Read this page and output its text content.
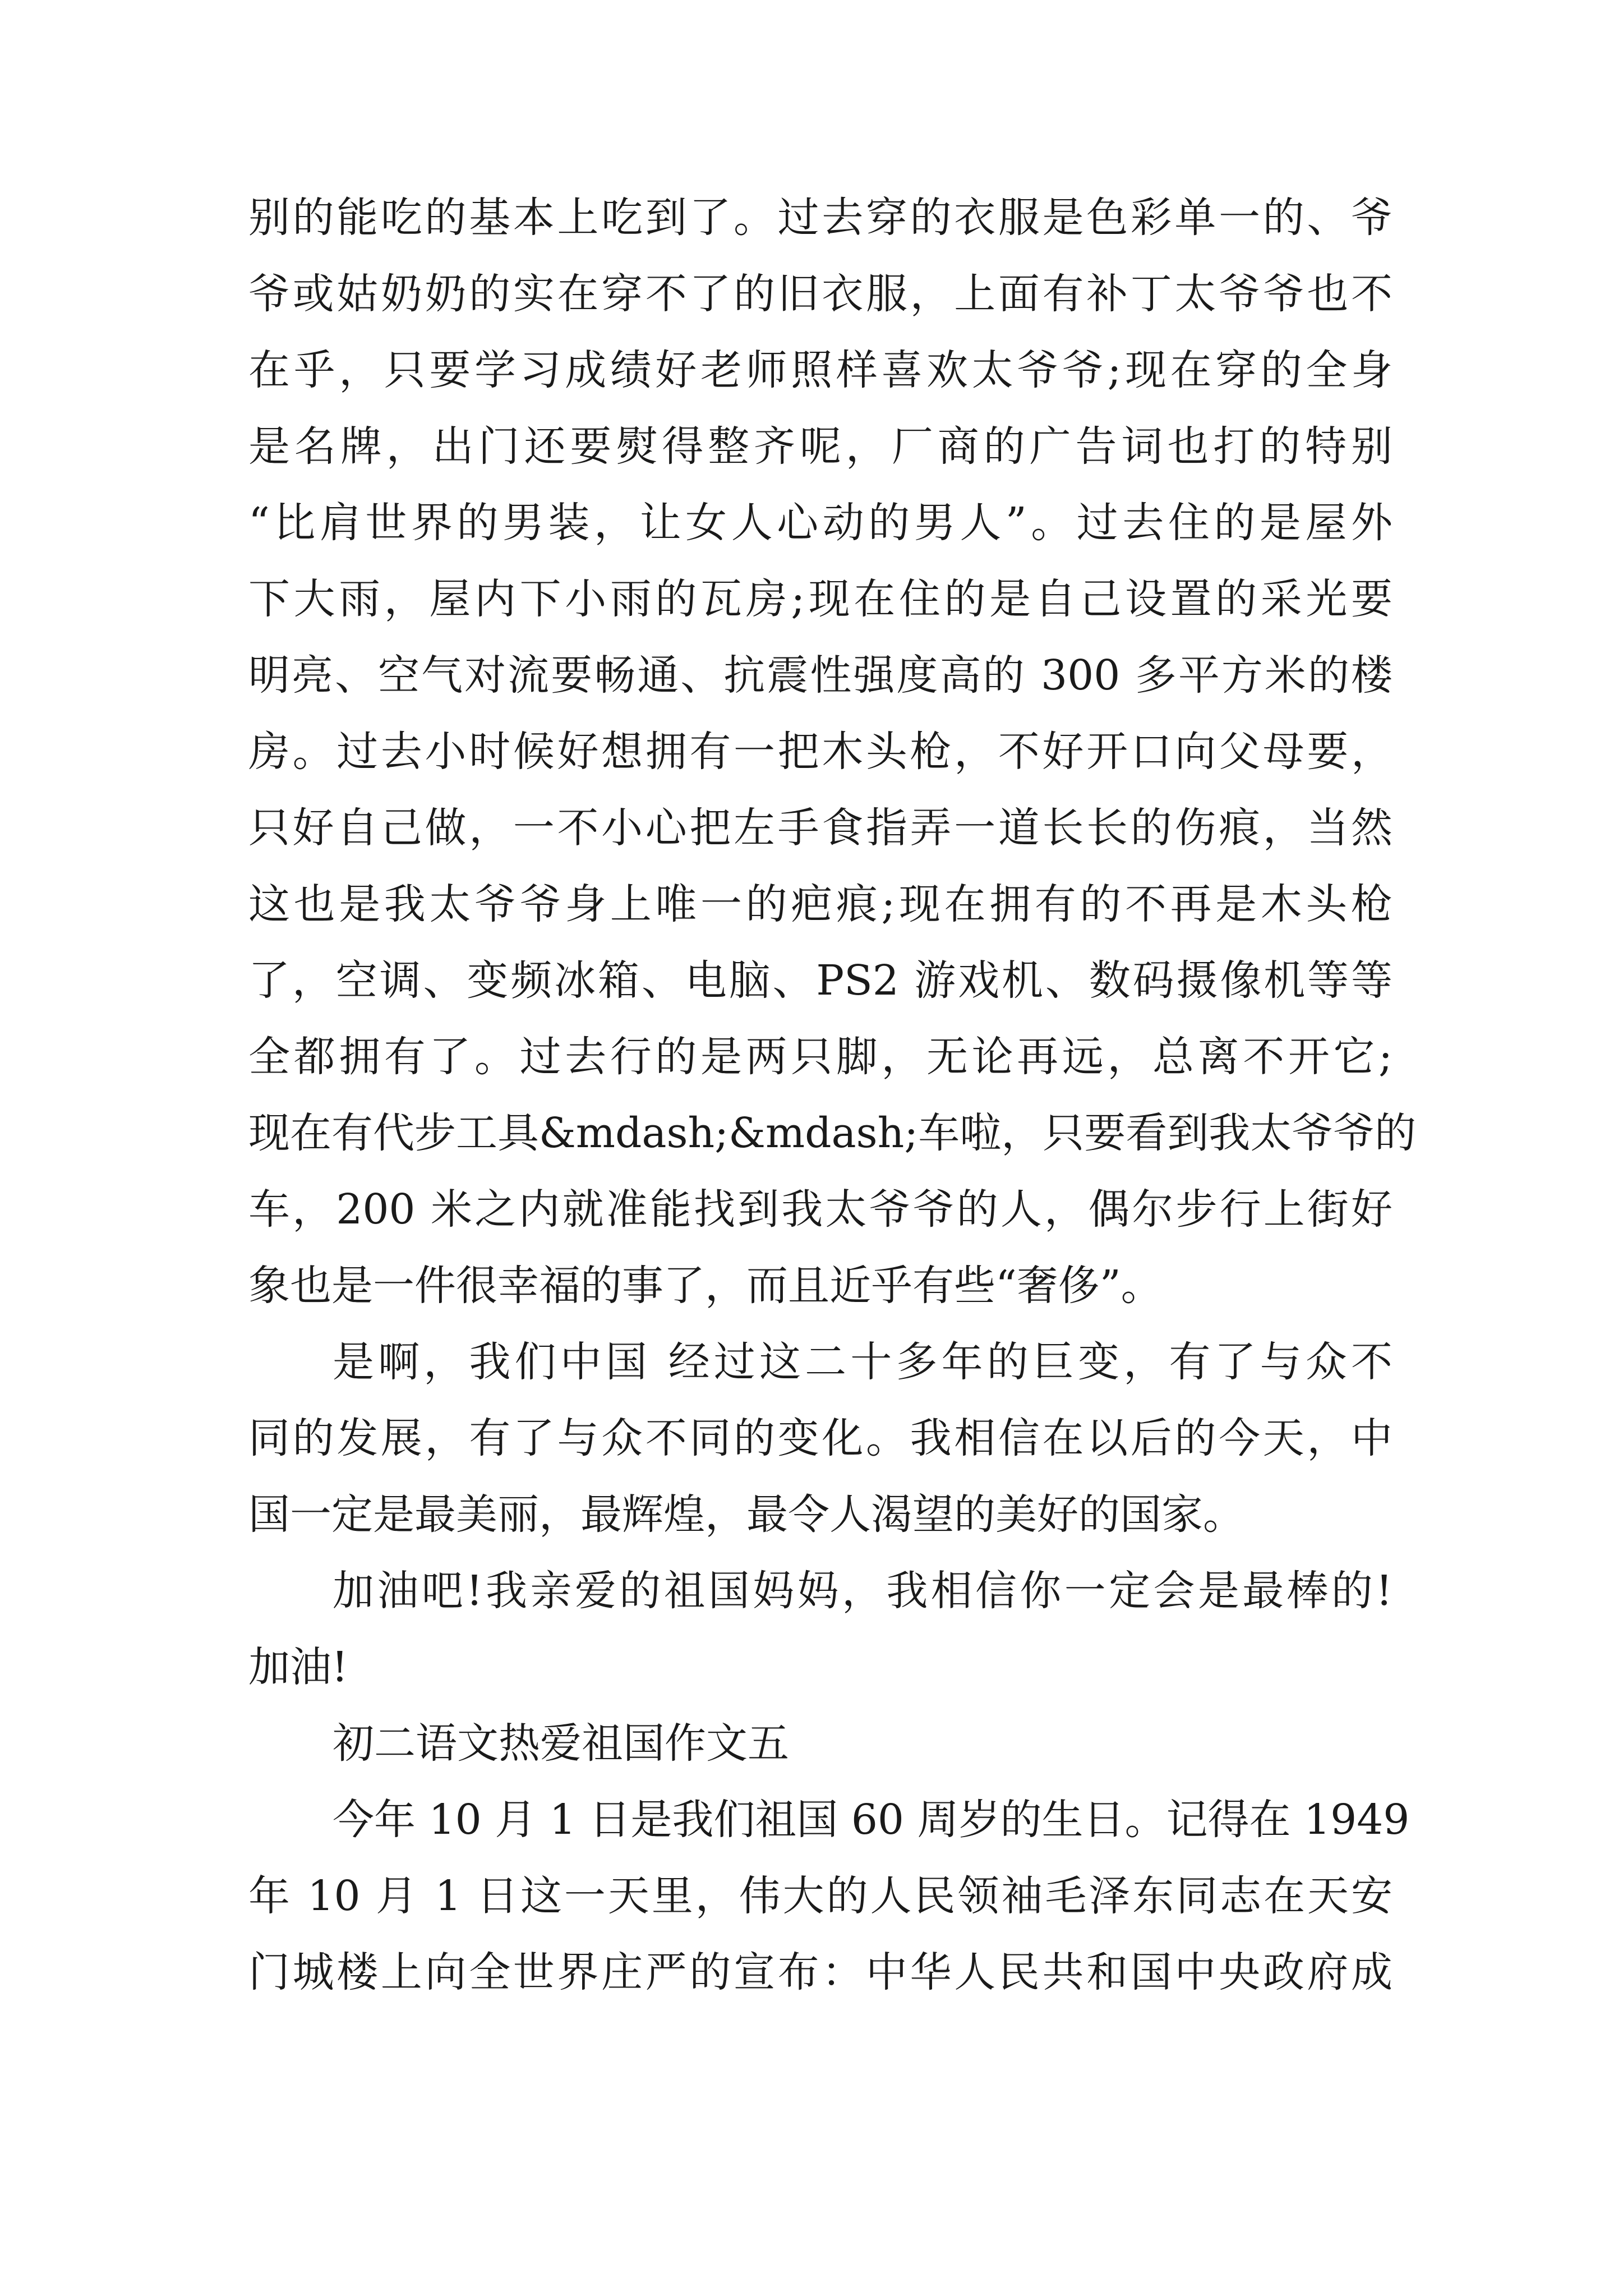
别的能吃的基本上吃到了。过去穿的衣服是色彩单一的、爷
爷或姑奶奶的实在穿不了的旧衣服，上面有补丁太爷爷也不
在乎，只要学习成绩好老师照样喜欢太爷爷;现在穿的全身
是名牌，出门还要熨得整齐呢，厂商的广告词也打的特别
“比肩世界的男装，让女人心动的男人”。过去住的是屋外
下大雨，屋内下小雨的瓦房;现在住的是自己设置的采光要
明亮、空气对流要畅通、抗震性强度高的 300 多平方米的楼
房。过去小时候好想拥有一把木头枪，不好开口向父母要，
只好自己做，一不小心把左手食指弄一道长长的伤痕，当然
这也是我太爷爷身上唯一的疤痕;现在拥有的不再是木头枪
了，空调、变频冰箱、电脑、PS2 游戏机、数码摄像机等等
全都拥有了。过去行的是两只脚，无论再远，总离不开它;
现在有代步工具&mdash;&mdash;车啦，只要看到我太爷爷的
车，200 米之内就准能找到我太爷爷的人，偶尔步行上街好
象也是一件很幸福的事了，而且近乎有些“奢侈”。
是啊，我们中国 经过这二十多年的巨变，有了与众不
同的发展，有了与众不同的变化。我相信在以后的今天，中
国一定是最美丽，最辉煌，最令人渴望的美好的国家。
加油吧!我亲爱的祖国妈妈，我相信你一定会是最棒的!
加油!
初二语文热爱祖国作文五
今年 10 月 1 日是我们祖国 60 周岁的生日。记得在 1949
年 10 月 1 日这一天里，伟大的人民领袖毛泽东同志在天安
门城楼上向全世界庄严的宣布：中华人民共和国中央政府成
